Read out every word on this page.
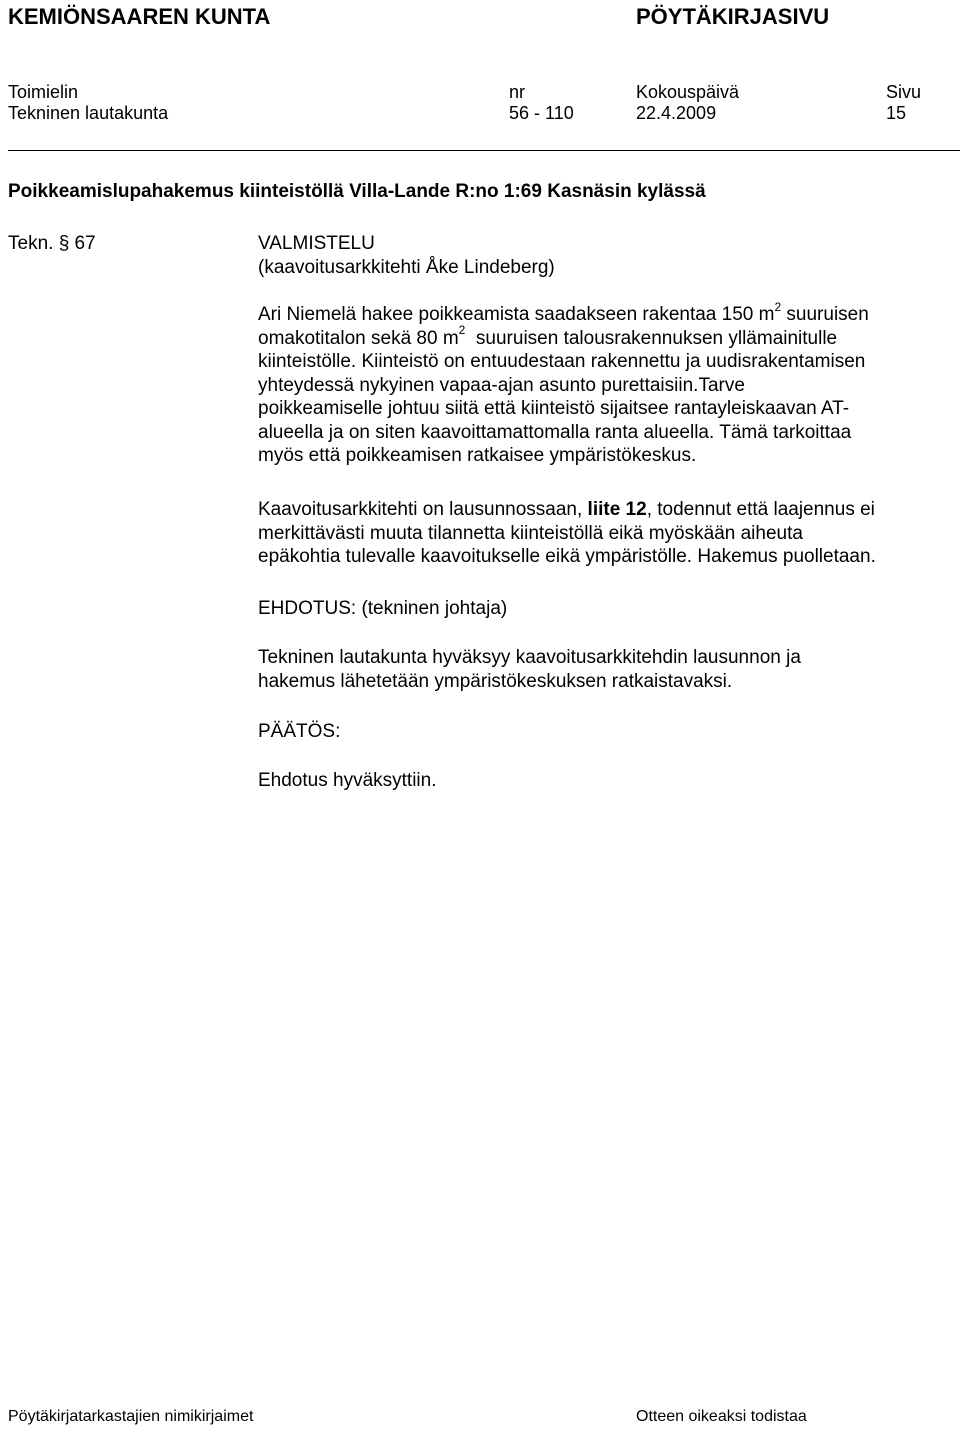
KEMIÖNSAAREN KUNTA	PÖYTÄKIRJASIVU
Toimielin	nr	Kokouspäivä	Sivu
Tekninen lautakunta	56 - 110	22.4.2009	15
Poikkeamislupahakemus kiinteistöllä Villa-Lande R:no 1:69 Kasnäsin kylässä
Tekn. § 67	VALMISTELU
(kaavoitusarkkitehti Åke Lindeberg)
Ari Niemelä hakee poikkeamista saadakseen rakentaa 150 $m^2$ suuruisen
omakotitalon sekä 80 $m^2$  suuruisen talousrakennuksen yllämainitulle
kiinteistölle. Kiinteistö on entuudestaan rakennettu ja uudisrakentamisen
yhteydessä nykyinen vapaa-ajan asunto purettaisiin.Tarve
poikkeamiselle johtuu siitä että kiinteistö sijaitsee rantayleiskaavan AT-
alueella ja on siten kaavoittamattomalla ranta alueella. Tämä tarkoittaa
myös että poikkeamisen ratkaisee ympäristökeskus.
Kaavoitusarkkitehti on lausunnossaan, liite 12, todennut että laajennus ei
merkittävästi muuta tilannetta kiinteistöllä eikä myöskään aiheuta
epäkohtia tulevalle kaavoitukselle eikä ympäristölle. Hakemus puolletaan.
EHDOTUS: (tekninen johtaja)
Tekninen lautakunta hyväksyy kaavoitusarkkitehdin lausunnon ja
hakemus lähetetään ympäristökeskuksen ratkaistavaksi.
PÄÄTÖS:
Ehdotus hyväksyttiin.
Pöytäkirjatarkastajien nimikirjaimet	Otteen oikeaksi todistaa
